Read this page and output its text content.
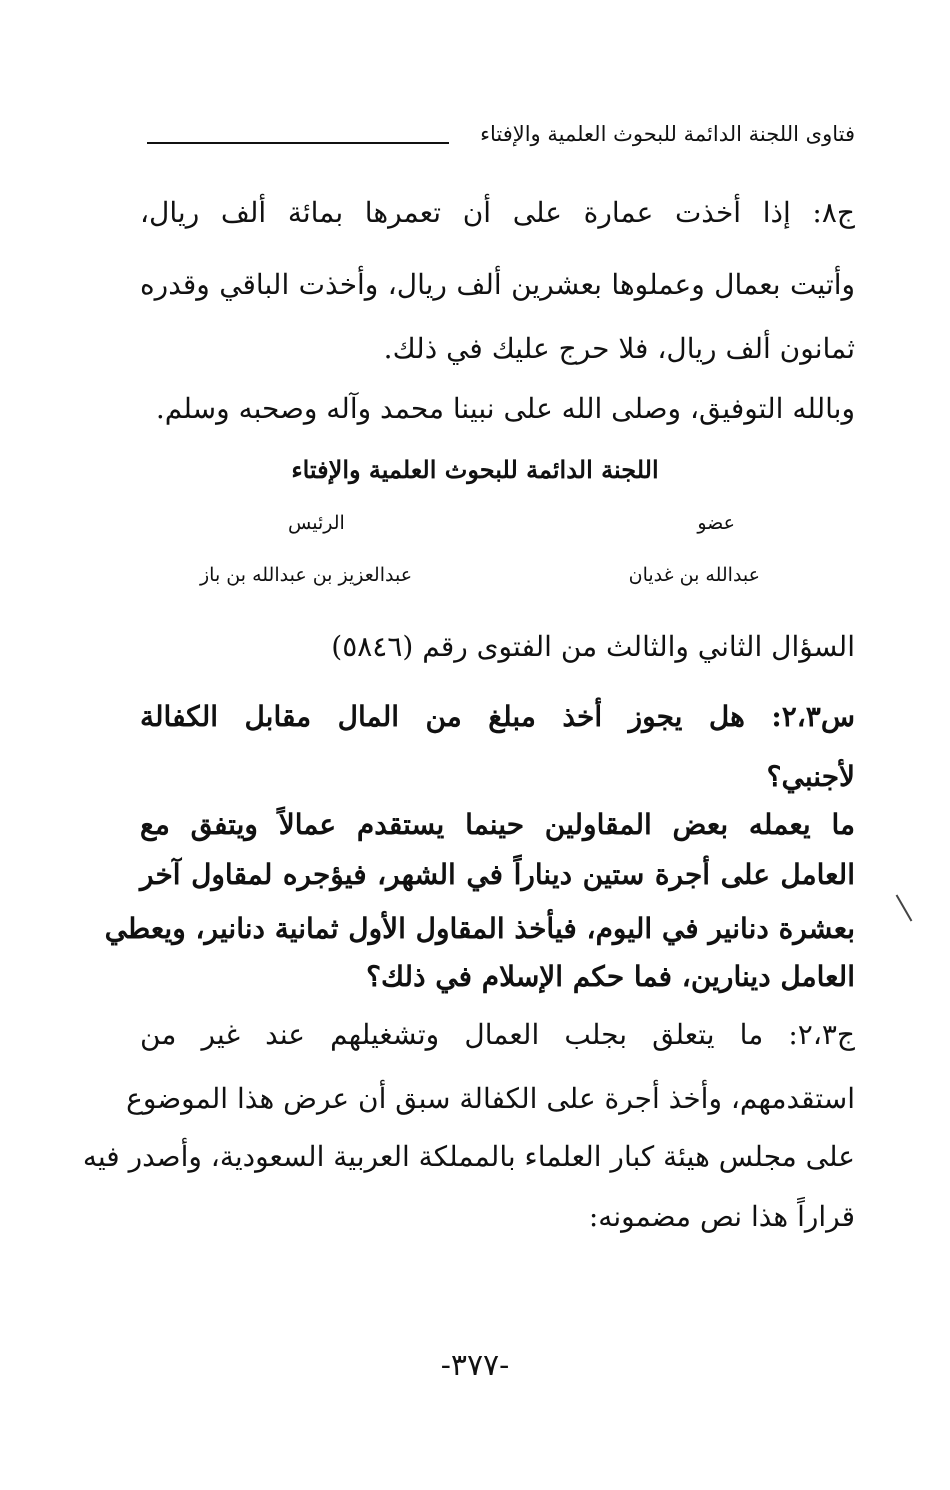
فتاوى اللجنة الدائمة للبحوث العلمية والإفتاء
ج٨: إذا أخذت عمارة على أن تعمرها بمائة ألف ريال،
وأتيت بعمال وعملوها بعشرين ألف ريال، وأخذت الباقي وقدره
ثمانون ألف ريال، فلا حرج عليك في ذلك.
وبالله التوفيق، وصلى الله على نبينا محمد وآله وصحبه وسلم.
اللجنة الدائمة للبحوث العلمية والإفتاء
عضو
الرئيس
عبدالله بن غديان
عبدالعزيز بن عبدالله بن باز
السؤال الثاني والثالث من الفتوى رقم (٥٨٤٦)
س٢،٣: هل يجوز أخذ مبلغ من المال مقابل الكفالة
لأجنبي؟
ما يعمله بعض المقاولين حينما يستقدم عمالاً ويتفق مع
العامل على أجرة ستين ديناراً في الشهر، فيؤجره لمقاول آخر
بعشرة دنانير في اليوم، فيأخذ المقاول الأول ثمانية دنانير، ويعطي
العامل دينارين، فما حكم الإسلام في ذلك؟
ج٢،٣: ما يتعلق بجلب العمال وتشغيلهم عند غير من
استقدمهم، وأخذ أجرة على الكفالة سبق أن عرض هذا الموضوع
على مجلس هيئة كبار العلماء بالمملكة العربية السعودية، وأصدر فيه
قراراً هذا نص مضمونه:
-٣٧٧-
